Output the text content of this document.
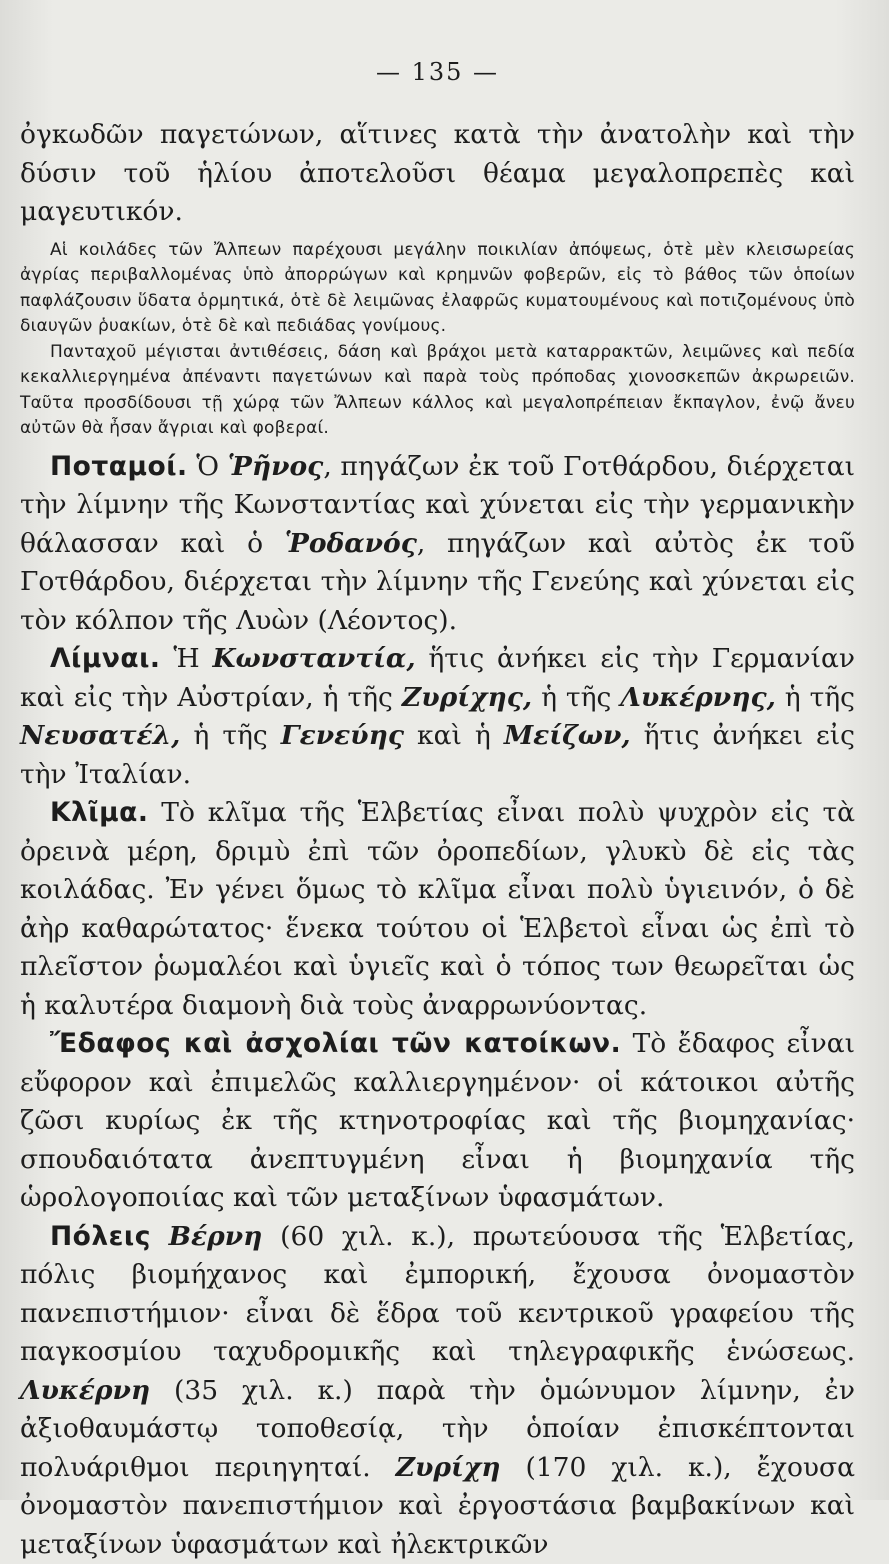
— 135 —

ὀγκωδῶν παγετώνων, αἵτινες κατὰ τὴν ἀνατολὴν καὶ τὴν δύσιν τοῦ ἡλίου ἀποτελοῦσι θέαμα μεγαλοπρεπὲς καὶ μαγευτικόν.

Αἱ κοιλάδες τῶν Ἄλπεων παρέχουσι μεγάλην ποικιλίαν ἀπόψεως, ὁτὲ μὲν κλεισωρείας ἀγρίας περιβαλλομένας ὑπὸ ἀπορρώγων καὶ κρημνῶν φοβερῶν, εἰς τὸ βάθος τῶν ὁποίων παφλάζουσιν ὕδατα ὁρμητικά, ὁτὲ δὲ λειμῶνας ἐλαφρῶς κυματουμένους καὶ ποτιζομένους ὑπὸ διαυγῶν ῥυακίων, ὁτὲ δὲ καὶ πεδιάδας γονίμους.

Πανταχοῦ μέγισται ἀντιθέσεις, δάση καὶ βράχοι μετὰ καταρρακτῶν, λειμῶνες καὶ πεδία κεκαλλιεργημένα ἀπέναντι παγετώνων καὶ παρὰ τοὺς πρόποδας χιονοσκεπῶν ἀκρωρειῶν. Ταῦτα προσδίδουσι τῇ χώρᾳ τῶν Ἄλπεων κάλλος καὶ μεγαλοπρέπειαν ἔκπαγλον, ἐνῷ ἄνευ αὐτῶν θὰ ἦσαν ἄγριαι καὶ φοβεραί.

Ποταμοί. Ὁ Ῥῆνος, πηγάζων ἐκ τοῦ Γοτθάρδου, διέρχεται τὴν λίμνην τῆς Κωνσταντίας καὶ χύνεται εἰς τὴν γερμανικὴν θάλασσαν καὶ ὁ Ῥοδανός, πηγάζων καὶ αὐτὸς ἐκ τοῦ Γοτθάρδου, διέρχεται τὴν λίμνην τῆς Γενεύης καὶ χύνεται εἰς τὸν κόλπον τῆς Λυὼν (Λέοντος).

Λίμναι. Ἡ Κωνσταντία, ἥτις ἀνήκει εἰς τὴν Γερμανίαν καὶ εἰς τὴν Αὐστρίαν, ἡ τῆς Ζυρίχης, ἡ τῆς Λυκέρνης, ἡ τῆς Νευσατέλ, ἡ τῆς Γενεύης καὶ ἡ Μείζων, ἥτις ἀνήκει εἰς τὴν Ἰταλίαν.

Κλῖμα. Τὸ κλῖμα τῆς Ἑλβετίας εἶναι πολὺ ψυχρὸν εἰς τὰ ὀρεινὰ μέρη, δριμὺ ἐπὶ τῶν ὀροπεδίων, γλυκὺ δὲ εἰς τὰς κοιλάδας. Ἐν γένει ὅμως τὸ κλῖμα εἶναι πολὺ ὑγιεινόν, ὁ δὲ ἀὴρ καθαρώτατος· ἕνεκα τούτου οἱ Ἑλβετοὶ εἶναι ὡς ἐπὶ τὸ πλεῖστον ῥωμαλέοι καὶ ὑγιεῖς καὶ ὁ τόπος των θεωρεῖται ὡς ἡ καλυτέρα διαμονὴ διὰ τοὺς ἀναρρωνύοντας.

Ἔδαφος καὶ ἀσχολίαι τῶν κατοίκων. Τὸ ἔδαφος εἶναι εὔφορον καὶ ἐπιμελῶς καλλιεργημένον· οἱ κάτοικοι αὐτῆς ζῶσι κυρίως ἐκ τῆς κτηνοτροφίας καὶ τῆς βιομηχανίας· σπουδαιότατα ἀνεπτυγμένη εἶναι ἡ βιομηχανία τῆς ὡρολογοποιίας καὶ τῶν μεταξίνων ὑφασμάτων.

Πόλεις Βέρνη (60 χιλ. κ.), πρωτεύουσα τῆς Ἑλβετίας, πόλις βιομήχανος καὶ ἐμπορική, ἔχουσα ὀνομαστὸν πανεπιστήμιον· εἶναι δὲ ἕδρα τοῦ κεντρικοῦ γραφείου τῆς παγκοσμίου ταχυδρομικῆς καὶ τηλεγραφικῆς ἑνώσεως. Λυκέρνη (35 χιλ. κ.) παρὰ τὴν ὁμώνυμον λίμνην, ἐν ἀξιοθαυμάστῳ τοποθεσίᾳ, τὴν ὁποίαν ἐπισκέπτονται πολυάριθμοι περιηγηταί. Ζυρίχη (170 χιλ. κ.), ἔχουσα ὀνομαστὸν πανεπιστήμιον καὶ ἐργοστάσια βαμβακίνων καὶ μεταξίνων ὑφασμάτων καὶ ἠλεκτρικῶν
